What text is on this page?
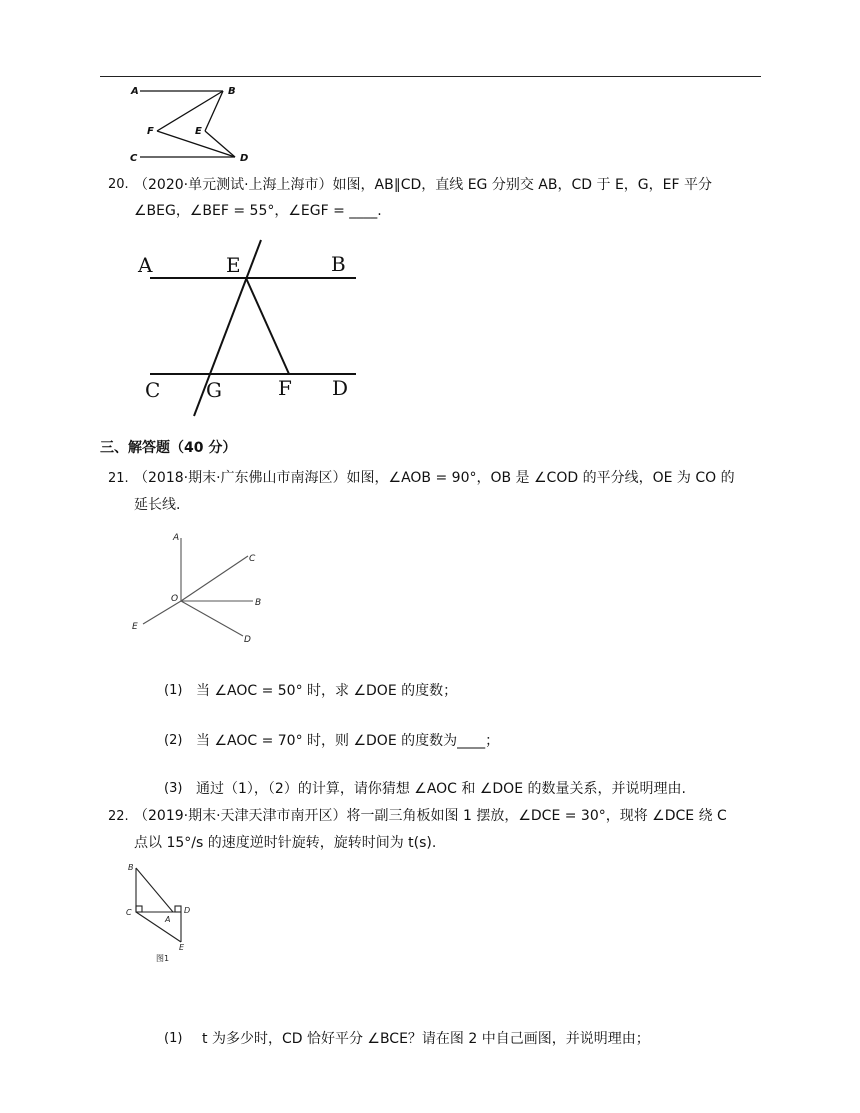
A	B
F	E
C	D
20. （2020·单元测试·上海上海市）如图，AB∥CD，直线 EG 分别交 AB，CD 于 E，G，EF 平分
∠BEG，∠BEF = 55°，∠EGF = ____.
A	E	B
C G	F D
三、解答题（40 分）
21. （2018·期末·广东佛山市南海区）如图，∠AOB = 90°，OB 是 ∠COD 的平分线，OE 为 CO 的
延长线.
A
C
O	B
E
D
(1) 当 ∠AOC = 50° 时，求 ∠DOE 的度数；
(2) 当 ∠AOC = 70° 时，则 ∠DOE 的度数为____；
(3) 通过（1），（2）的计算，请你猜想 ∠AOC 和 ∠DOE 的数量关系，并说明理由.
22. （2019·期末·天津天津市南开区）将一副三角板如图 1 摆放，∠DCE = 30°，现将 ∠DCE 绕 C
点以 15°/s 的速度逆时针旋转，旋转时间为 t(s).
B
C
A
D
E
图1
(1) t 为多少时，CD 恰好平分 ∠BCE？请在图 2 中自己画图，并说明理由；
